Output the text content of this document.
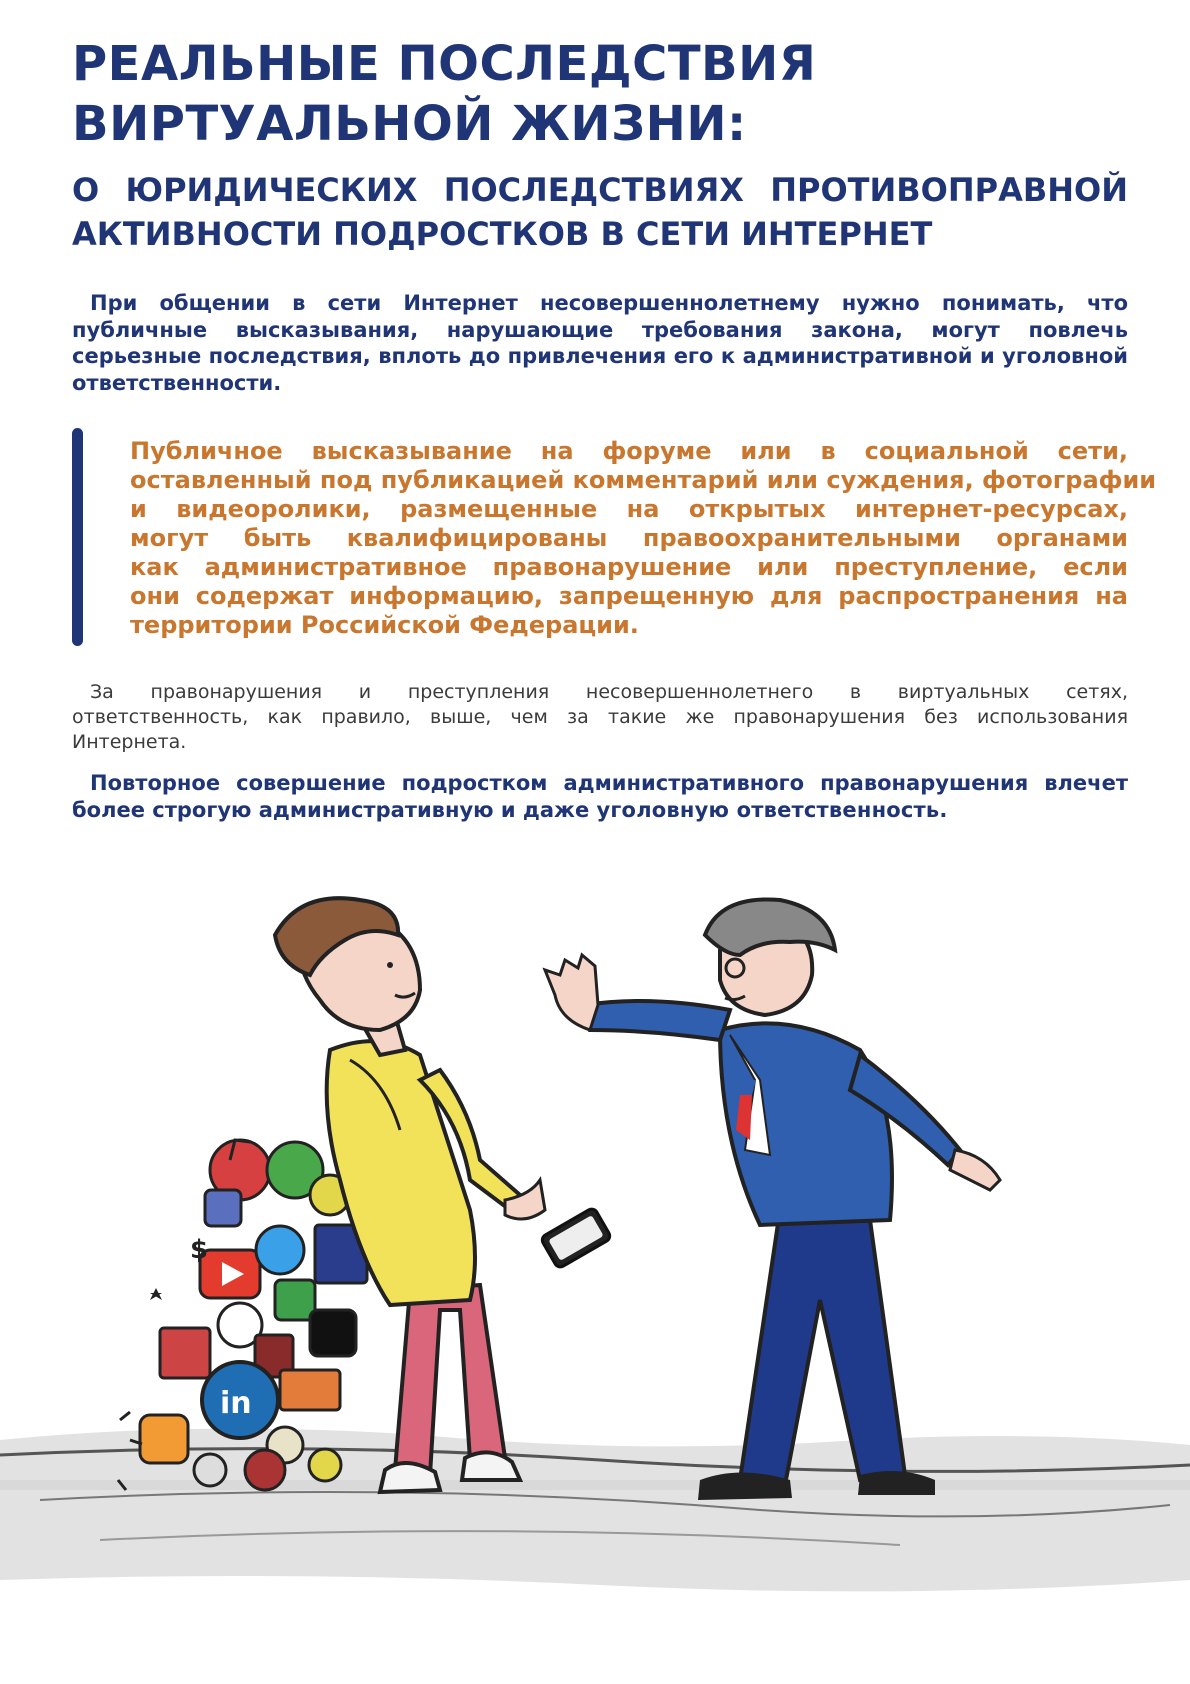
РЕАЛЬНЫЕ ПОСЛЕДСТВИЯ
ВИРТУАЛЬНОЙ ЖИЗНИ:
О ЮРИДИЧЕСКИХ ПОСЛЕДСТВИЯХ ПРОТИВОПРАВНОЙ
АКТИВНОСТИ ПОДРОСТКОВ В СЕТИ ИНТЕРНЕТ

При общении в сети Интернет несовершеннолетнему нужно понимать, что
публичные высказывания, нарушающие требования закона, могут повлечь
серьезные последствия, вплоть до привлечения его к административной и уголовной
ответственности.

Публичное высказывание на форуме или в социальной сети,
оставленный под публикацией комментарий или суждения, фотографии
и видеоролики, размещенные на открытых интернет-ресурсах,
могут быть квалифицированы правоохранительными органами
как административное правонарушение или преступление, если
они содержат информацию, запрещенную для распространения на
территории Российской Федерации.

За правонарушения и преступления несовершеннолетнего в виртуальных сетях,
ответственность, как правило, выше, чем за такие же правонарушения без использования
Интернета.

Повторное совершение подростком административного правонарушения влечет
более строгую административную и даже уголовную ответственность.

in
$
